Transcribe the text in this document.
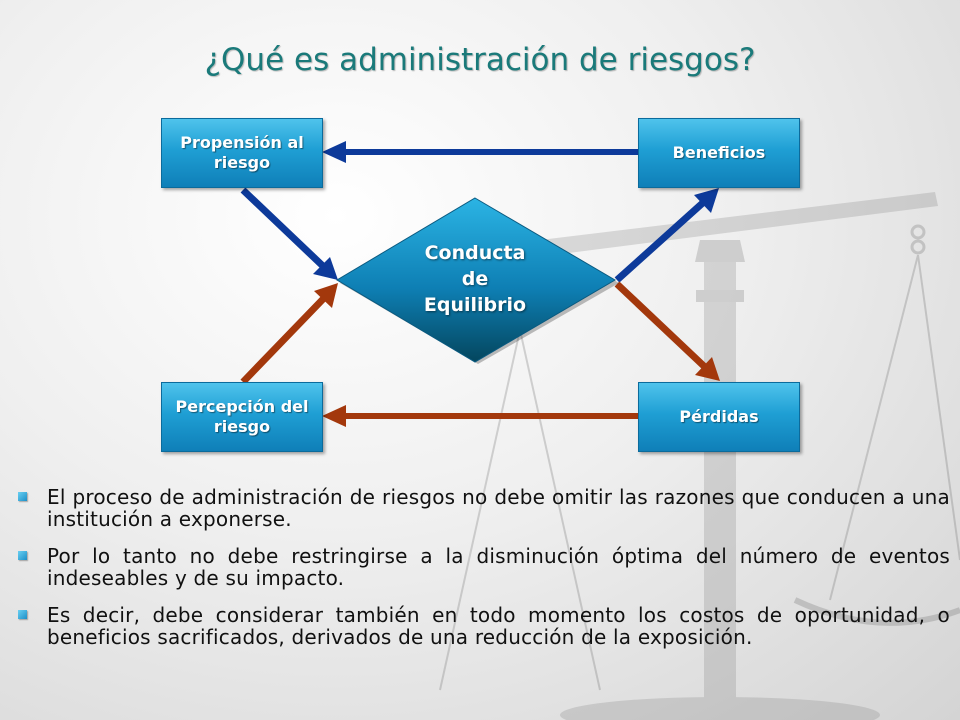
¿Qué es administración de riesgos?
Propensión al riesgo
Beneficios
Percepción del riesgo
Pérdidas
Conducta
de
Equilibrio
El proceso de administración de riesgos no debe omitir las razones que conducen a una institución a exponerse.
Por lo tanto no debe restringirse a la disminución óptima del número de eventos indeseables y de su impacto.
Es decir, debe considerar también en todo momento los costos de oportunidad, o beneficios sacrificados, derivados de una reducción de la exposición.
